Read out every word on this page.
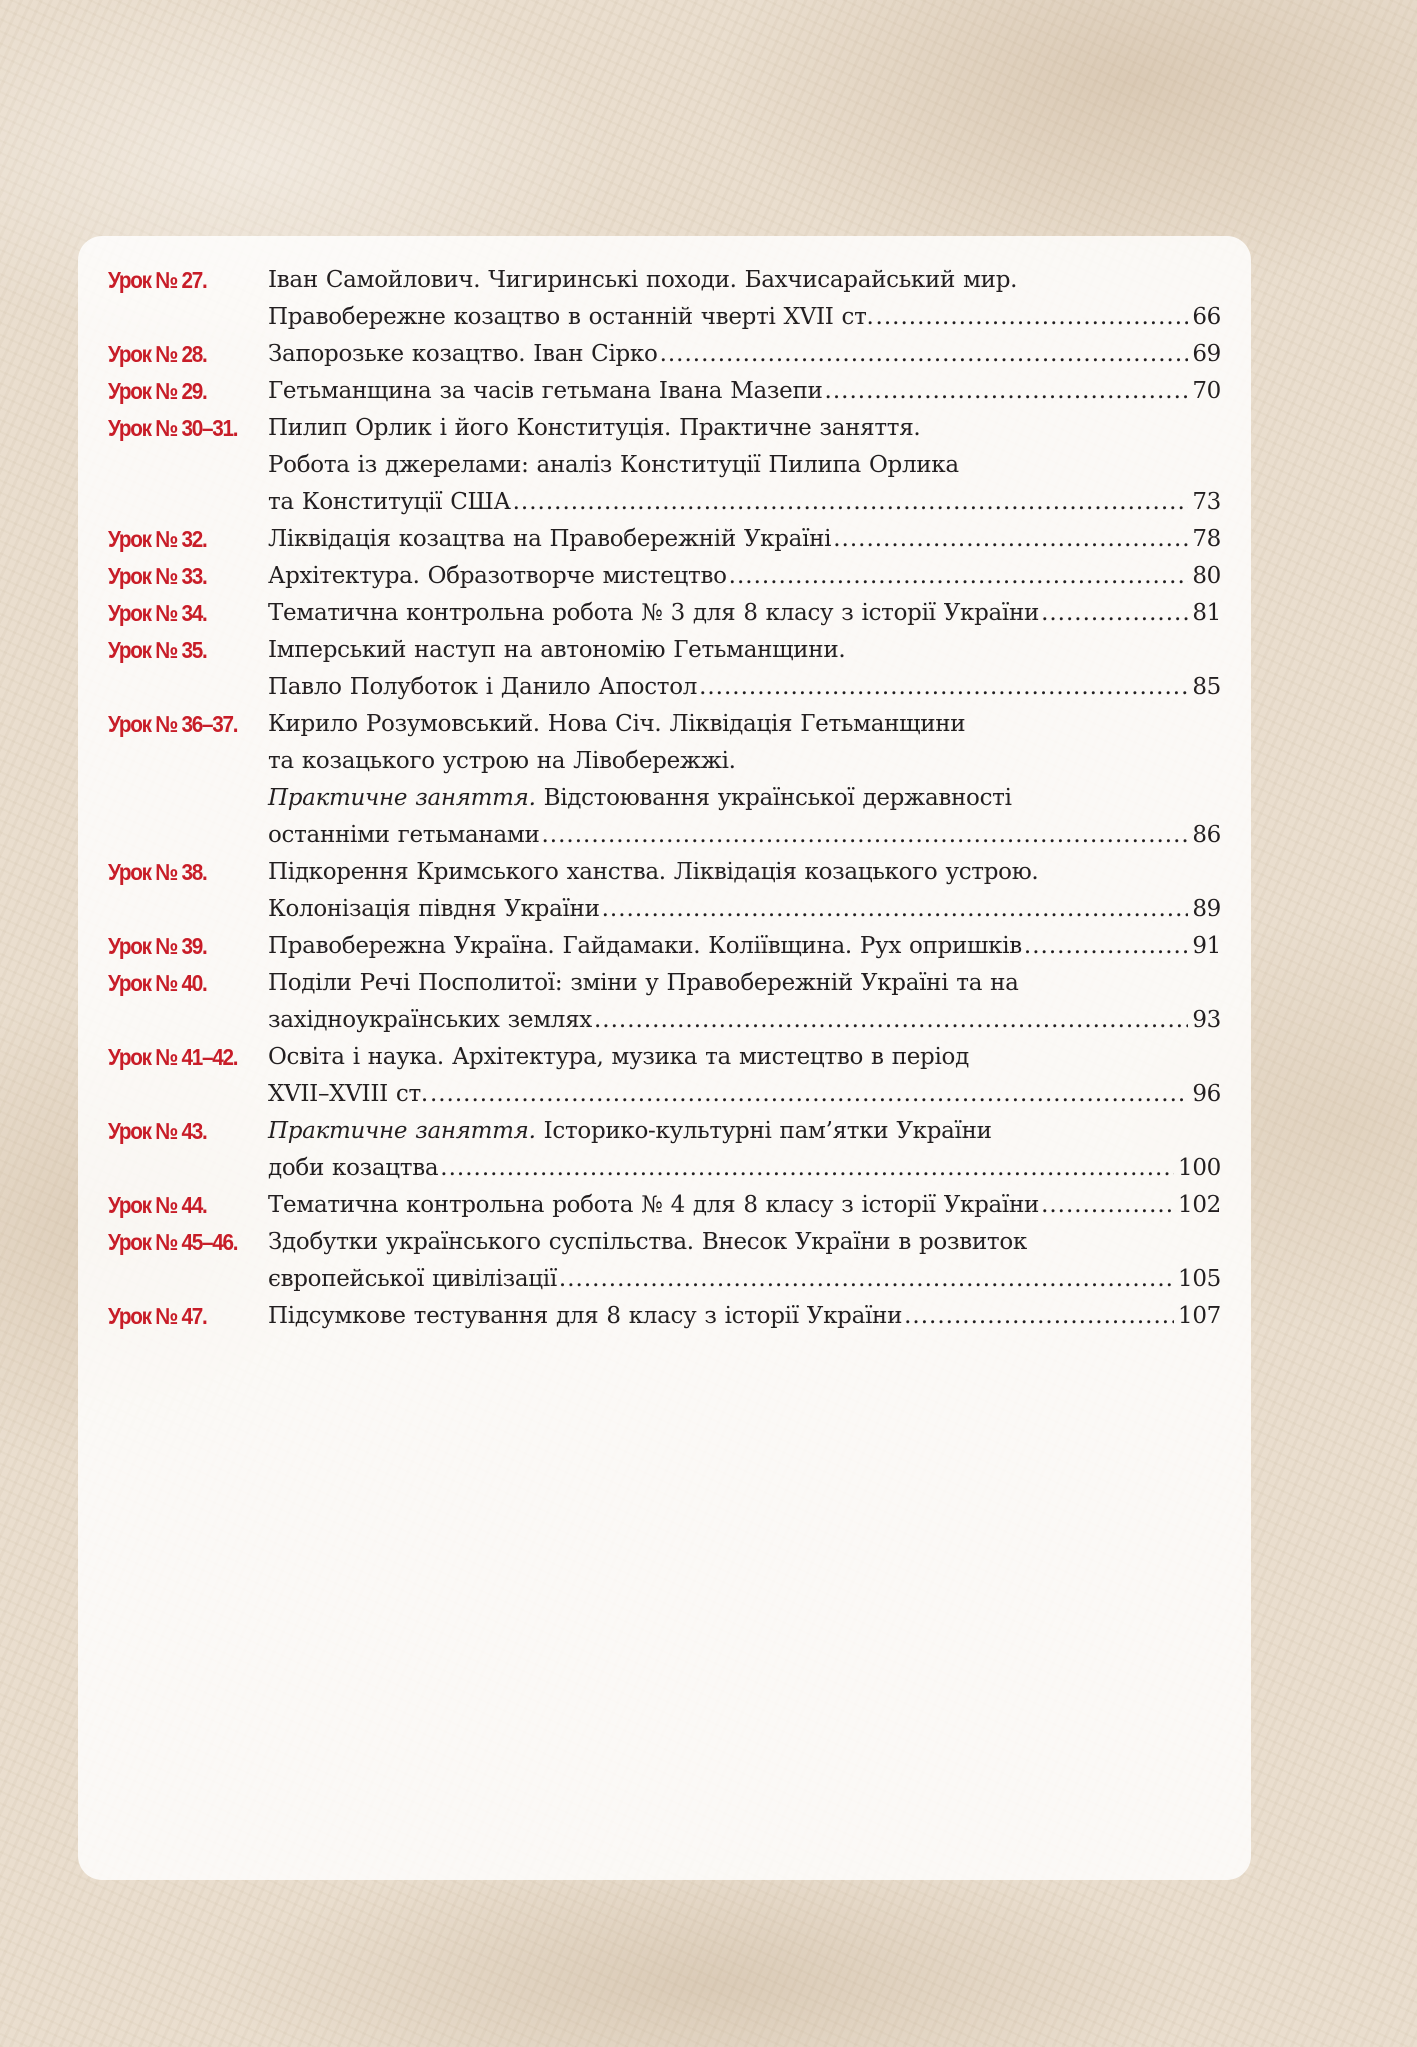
Урок № 27.	Іван Самойлович. Чигиринські походи. Бахчисарайський мир.
Правобережне козацтво в останній чверті XVII ст. .....	66
Урок № 28.	Запорозьке козацтво. Іван Сірко .....	69
Урок № 29.	Гетьманщина за часів гетьмана Івана Мазепи .....	70
Урок № 30–31.	Пилип Орлик і його Конституція. Практичне заняття.
Робота із джерелами: аналіз Конституції Пилипа Орлика
та Конституції США .....	73
Урок № 32.	Ліквідація козацтва на Правобережній Україні .....	78
Урок № 33.	Архітектура. Образотворче мистецтво .....	80
Урок № 34.	Тематична контрольна робота № 3 для 8 класу з історії України .....	81
Урок № 35.	Імперський наступ на автономію Гетьманщини.
Павло Полуботок і Данило Апостол .....	85
Урок № 36–37.	Кирило Розумовський. Нова Січ. Ліквідація Гетьманщини
та козацького устрою на Лівобережжі.
Практичне заняття. Відстоювання української державності
останніми гетьманами .....	86
Урок № 38.	Підкорення Кримського ханства. Ліквідація козацького устрою.
Колонізація півдня України .....	89
Урок № 39.	Правобережна Україна. Гайдамаки. Коліївщина. Рух опришків .....	91
Урок № 40.	Поділи Речі Посполитої: зміни у Правобережній Україні та на
західноукраїнських землях .....	93
Урок № 41–42.	Освіта і наука. Архітектура, музика та мистецтво в період
XVII–XVIII ст. .....	96
Урок № 43.	Практичне заняття. Історико-культурні пам’ятки України
доби козацтва .....	100
Урок № 44.	Тематична контрольна робота № 4 для 8 класу з історії України .....	102
Урок № 45–46.	Здобутки українського суспільства. Внесок України в розвиток
європейської цивілізації .....	105
Урок № 47.	Підсумкове тестування для 8 класу з історії України .....	107
